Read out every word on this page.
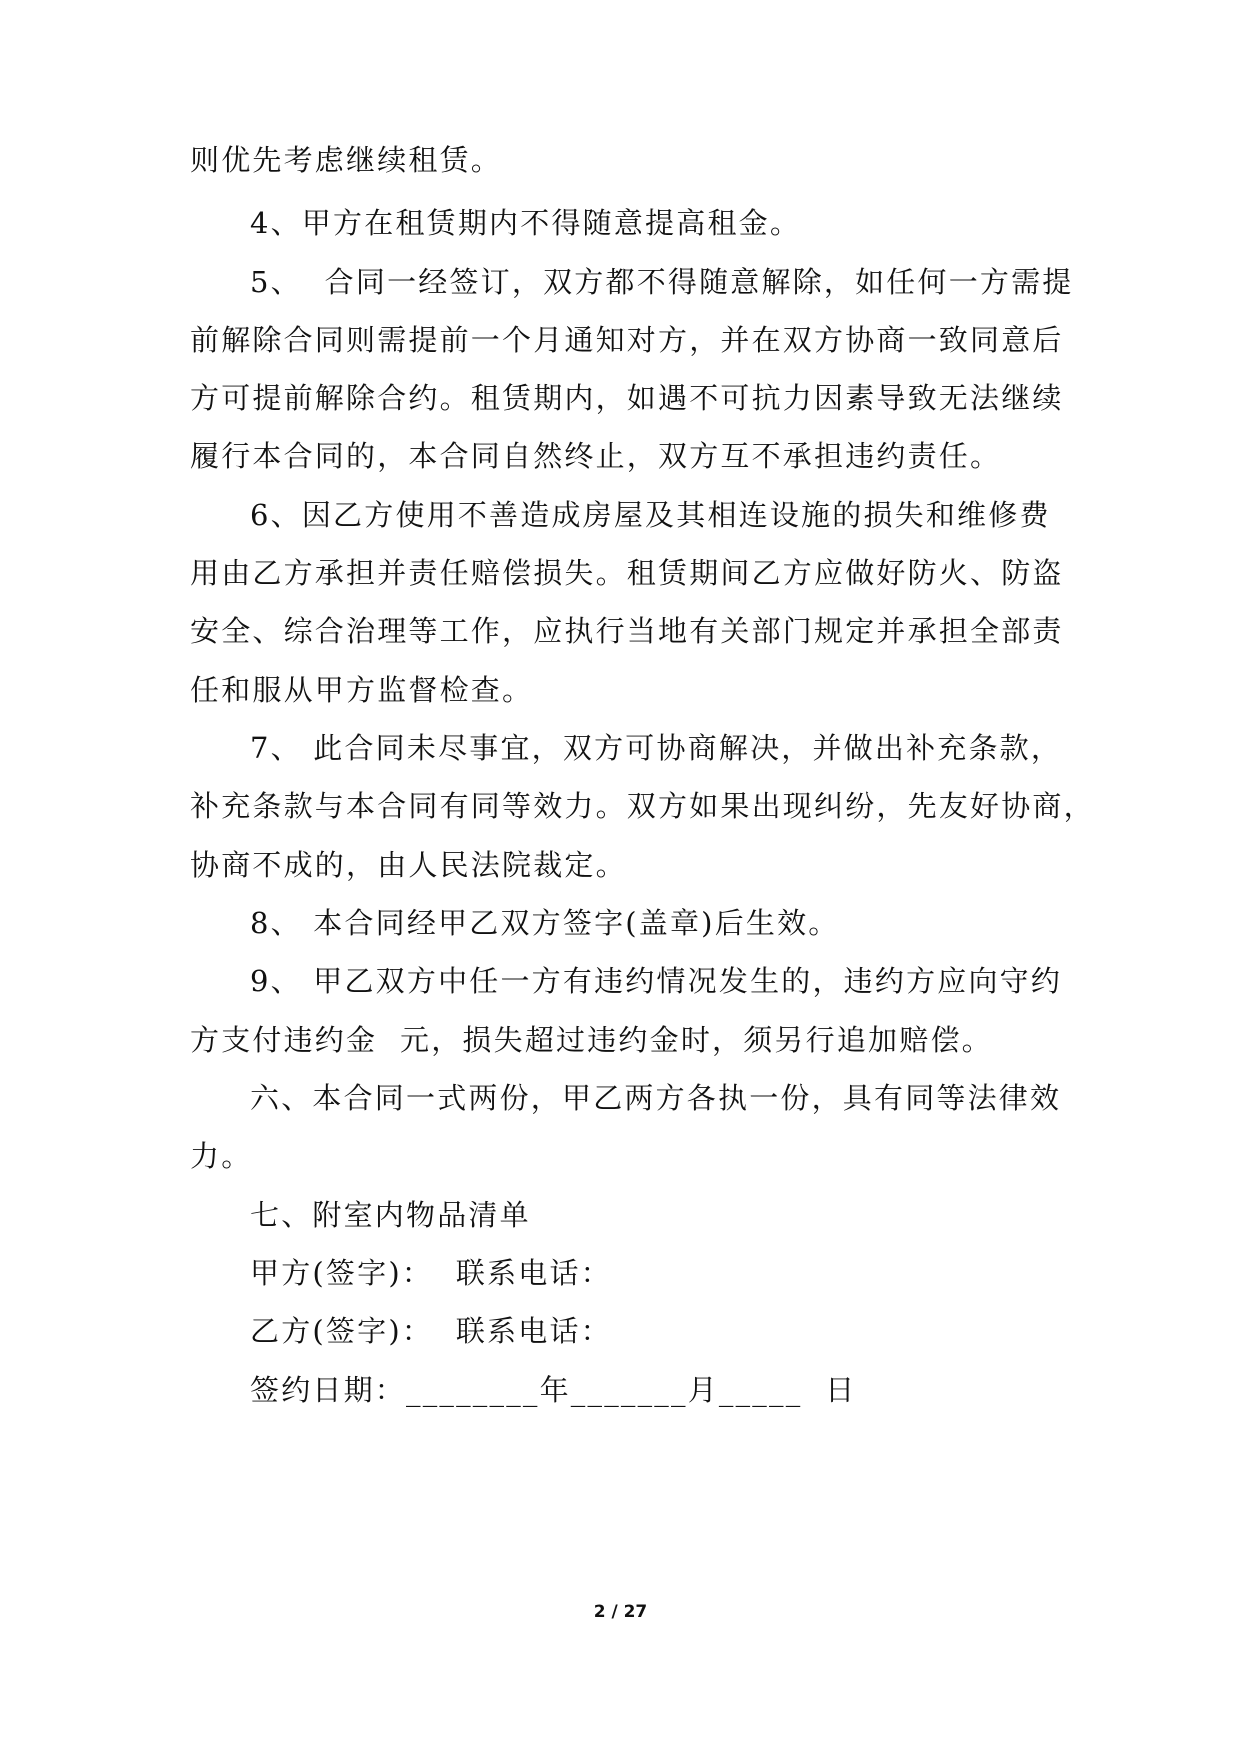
则优先考虑继续租赁。
4、甲方在租赁期内不得随意提高租金。
5、  合同一经签订，双方都不得随意解除，如任何一方需提
前解除合同则需提前一个月通知对方，并在双方协商一致同意后
方可提前解除合约。租赁期内，如遇不可抗力因素导致无法继续
履行本合同的，本合同自然终止，双方互不承担违约责任。
6、因乙方使用不善造成房屋及其相连设施的损失和维修费
用由乙方承担并责任赔偿损失。租赁期间乙方应做好防火、防盗
安全、综合治理等工作，应执行当地有关部门规定并承担全部责
任和服从甲方监督检查。
7、 此合同未尽事宜，双方可协商解决，并做出补充条款，
补充条款与本合同有同等效力。双方如果出现纠纷，先友好协商，
协商不成的，由人民法院裁定。
8、 本合同经甲乙双方签字(盖章)后生效。
9、 甲乙双方中任一方有违约情况发生的，违约方应向守约
方支付违约金  元，损失超过违约金时，须另行追加赔偿。
六、本合同一式两份，甲乙两方各执一份，具有同等法律效
力。
七、附室内物品清单
甲方(签字)：  联系电话：
乙方(签字)：  联系电话：
签约日期：________年_______月_____  日
2 / 27
